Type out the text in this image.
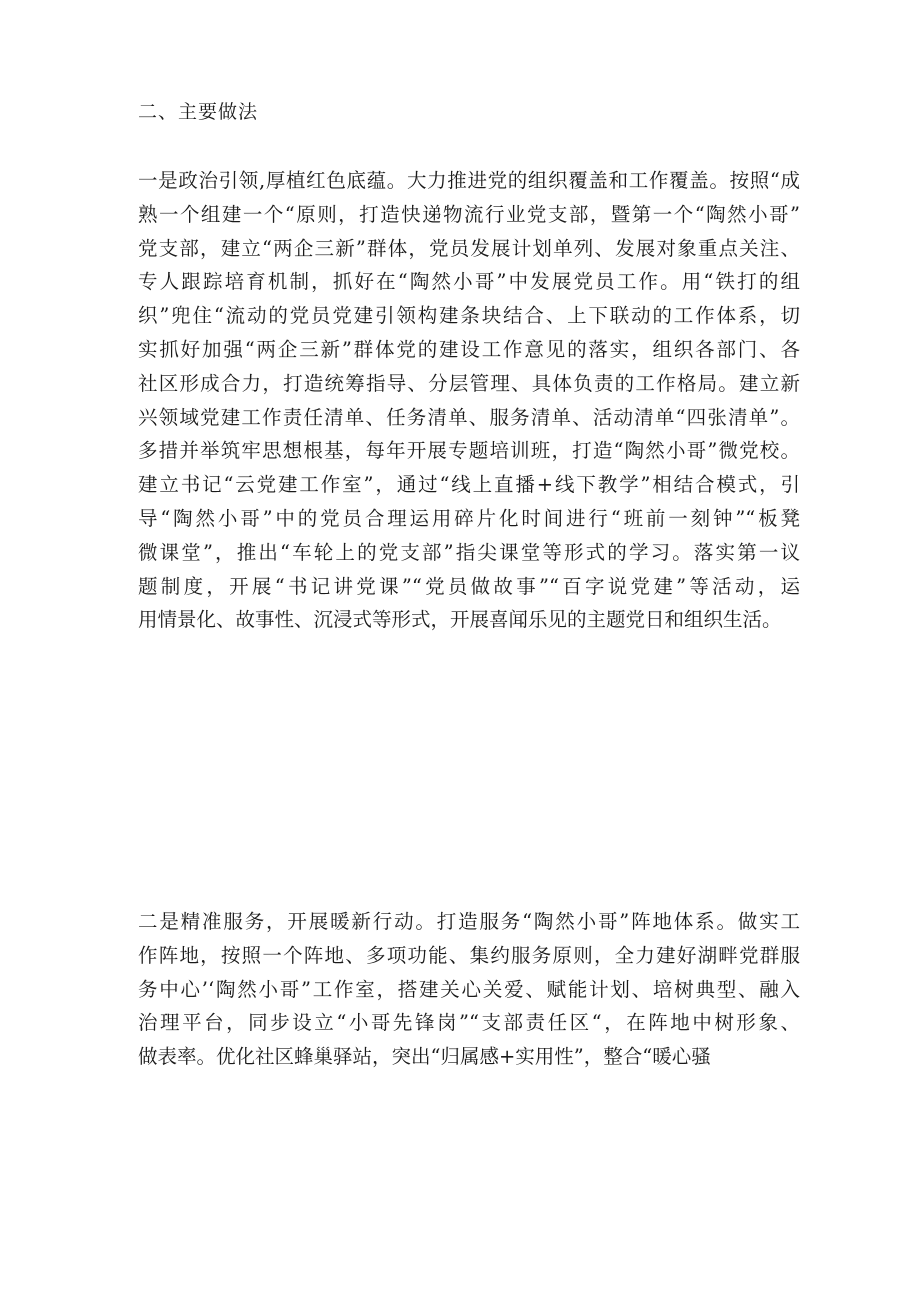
二、主要做法
一是政治引领,厚植红色底蕴。大力推进党的组织覆盖和工作覆盖。按照“成
熟一个组建一个“原则，打造快递物流行业党支部，暨第一个“陶然小哥”
党支部，建立“两企三新”群体，党员发展计划单列、发展对象重点关注、
专人跟踪培育机制，抓好在“陶然小哥”中发展党员工作。用“铁打的组
织”兜住“流动的党员党建引领构建条块结合、上下联动的工作体系，切
实抓好加强“两企三新”群体党的建设工作意见的落实，组织各部门、各
社区形成合力，打造统筹指导、分层管理、具体负责的工作格局。建立新
兴领域党建工作责任清单、任务清单、服务清单、活动清单“四张清单”。
多措并举筑牢思想根基，每年开展专题培训班，打造“陶然小哥”微党校。
建立书记“云党建工作室”，通过“线上直播+线下教学”相结合模式，引
导“陶然小哥”中的党员合理运用碎片化时间进行“班前一刻钟”“板凳
微课堂”，推出“车轮上的党支部”指尖课堂等形式的学习。落实第一议
题制度，开展“书记讲党课”“党员做故事”“百字说党建”等活动，运
用情景化、故事性、沉浸式等形式，开展喜闻乐见的主题党日和组织生活。
二是精准服务，开展暖新行动。打造服务“陶然小哥”阵地体系。做实工
作阵地，按照一个阵地、多项功能、集约服务原则，全力建好湖畔党群服
务中心’‘陶然小哥”工作室，搭建关心关爱、赋能计划、培树典型、融入
治理平台，同步设立“小哥先锋岗”“支部责任区“，在阵地中树形象、
做表率。优化社区蜂巢驿站，突出“归属感+实用性”，整合“暖心骚
